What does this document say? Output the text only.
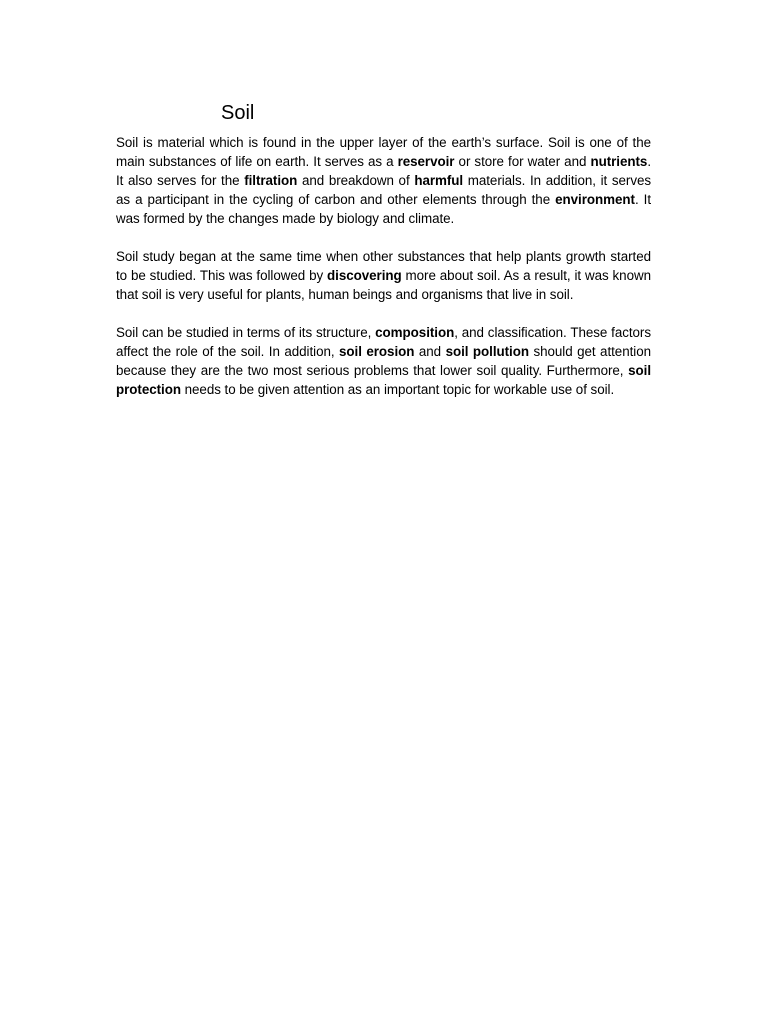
Soil

Soil is material which is found in the upper layer of the earth’s surface. Soil is one of the main substances of life on earth. It serves as a reservoir or store for water and nutrients. It also serves for the filtration and breakdown of harmful materials. In addition, it serves as a participant in the cycling of carbon and other elements through the environment. It was formed by the changes made by biology and climate.

Soil study began at the same time when other substances that help plants growth started to be studied. This was followed by discovering more about soil. As a result, it was known that soil is very useful for plants, human beings and organisms that live in soil.

Soil can be studied in terms of its structure, composition, and classification. These factors affect the role of the soil. In addition, soil erosion and soil pollution should get attention because they are the two most serious problems that lower soil quality. Furthermore, soil protection needs to be given attention as an important topic for workable use of soil.
